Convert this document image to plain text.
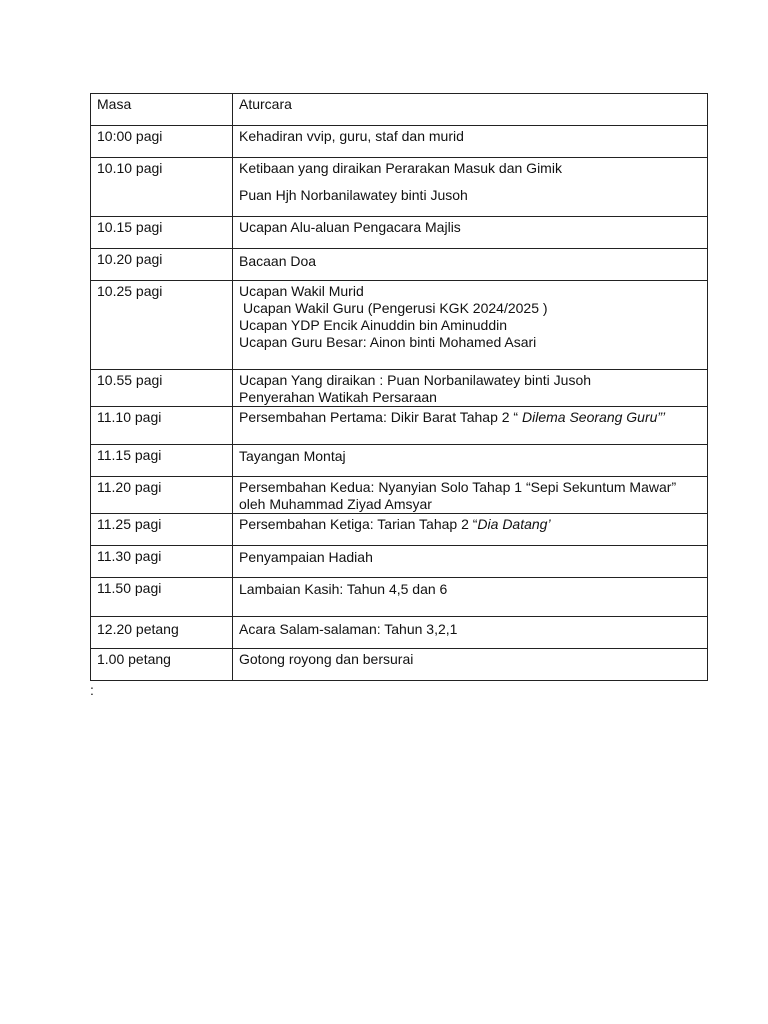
Masa	Aturcara

10:00 pagi	Kehadiran vvip, guru, staf dan murid

10.10 pagi	Ketibaan yang diraikan Perarakan Masuk dan Gimik
Puan Hjh Norbanilawatey binti Jusoh

10.15 pagi	Ucapan Alu-aluan Pengacara Majlis

10.20 pagi	Bacaan Doa

10.25 pagi	Ucapan Wakil Murid
Ucapan Wakil Guru (Pengerusi KGK 2024/2025 )
Ucapan YDP Encik Ainuddin bin Aminuddin
Ucapan Guru Besar: Ainon binti Mohamed Asari

10.55 pagi	Ucapan Yang diraikan : Puan Norbanilawatey binti Jusoh
Penyerahan Watikah Persaraan

11.10 pagi	Persembahan Pertama: Dikir Barat Tahap 2 “ Dilema Seorang Guru”’

11.15 pagi	Tayangan Montaj

11.20 pagi	Persembahan Kedua: Nyanyian Solo Tahap 1 “Sepi Sekuntum Mawar”
oleh Muhammad Ziyad Amsyar

11.25 pagi	Persembahan Ketiga: Tarian Tahap 2 “Dia Datang’

11.30 pagi	Penyampaian Hadiah

11.50 pagi	Lambaian Kasih: Tahun 4,5 dan 6

12.20 petang	Acara Salam-salaman: Tahun 3,2,1

1.00 petang	Gotong royong dan bersurai
:
